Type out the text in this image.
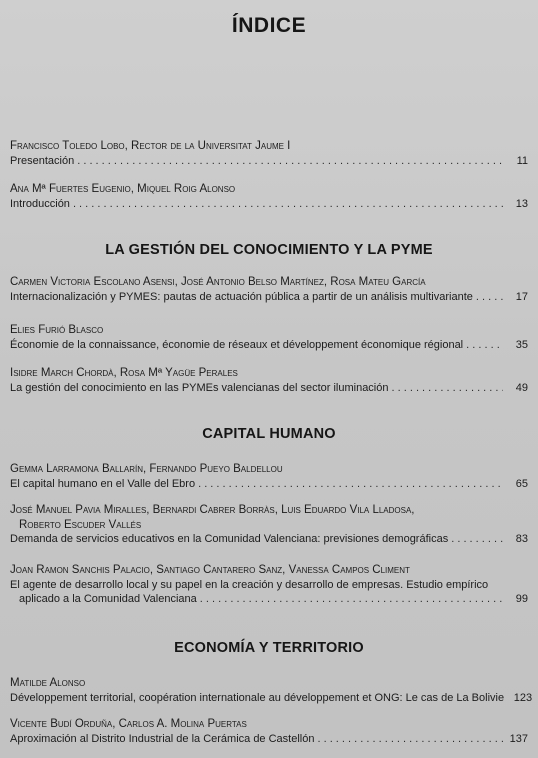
ÍNDICE
Francisco Toledo Lobo, Rector de la Universitat Jaume I
Presentación . . .	11
Ana Mª Fuertes Eugenio, Miquel Roig Alonso
Introducción . . .	13
LA GESTIÓN DEL CONOCIMIENTO Y LA PYME
Carmen Victoria Escolano Asensi, José Antonio Belso Martínez, Rosa Mateu García
Internacionalización y PYMES: pautas de actuación pública a partir de un análisis multivariante . . .	17
Elies Furió Blasco
Économie de la connaissance, économie de réseaux et développement économique régional . . .	35
Isidre March Chordà, Rosa Mª Yagüe Perales
La gestión del conocimiento en las PYMEs valencianas del sector iluminación . . .	49
CAPITAL HUMANO
Gemma Larramona Ballarín, Fernando Pueyo Baldellou
El capital humano en el Valle del Ebro . . .	65
José Manuel Pavia Miralles, Bernardi Cabrer Borràs, Luis Eduardo Vila Lladosa,
Roberto Escuder Vallés
Demanda de servicios educativos en la Comunidad Valenciana: previsiones demográficas . . .	83
Joan Ramon Sanchis Palacio, Santiago Cantarero Sanz, Vanessa Campos Climent
El agente de desarrollo local y su papel en la creación y desarrollo de empresas. Estudio empírico
aplicado a la Comunidad Valenciana . . .	99
ECONOMÍA Y TERRITORIO
Matilde Alonso
Développement territorial, coopération internationale au développement et ONG: Le cas de La Bolivie 123
Vicente Budí Orduña, Carlos A. Molina Puertas
Aproximación al Distrito Industrial de la Cerámica de Castellón . . .	137
